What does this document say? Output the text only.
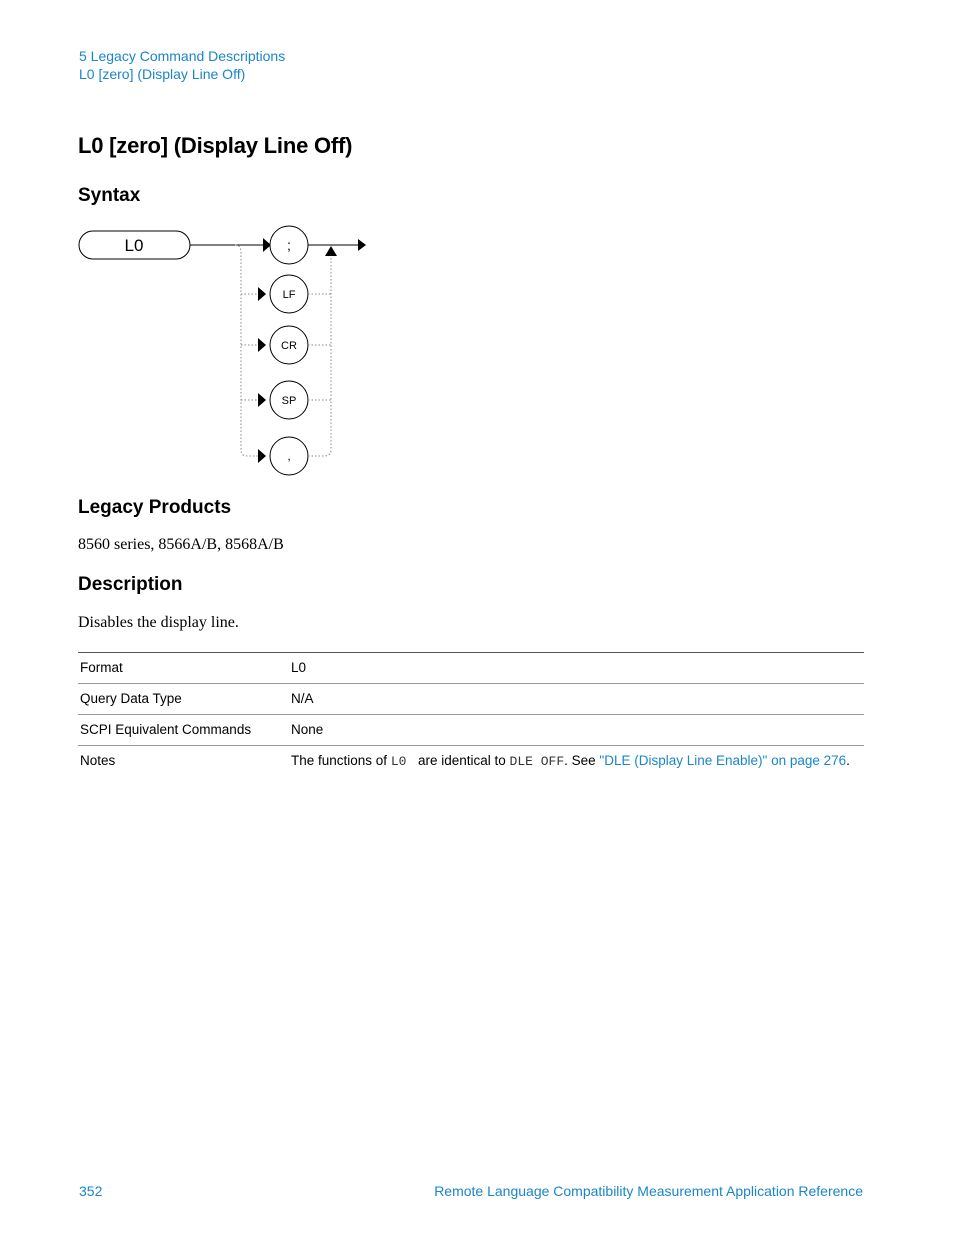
5 Legacy Command Descriptions
L0 [zero] (Display Line Off)
L0 [zero] (Display Line Off)
Syntax
L0	;
LF
CR
SP
,
Legacy Products
8560 series, 8566A/B, 8568A/B
Description
Disables the display line.
Format	L0
Query Data Type	N/A
SCPI Equivalent Commands	None
Notes	The functions of L0  are identical to DLE OFF. See "DLE (Display Line Enable)" on page 276.
352	Remote Language Compatibility Measurement Application Reference
